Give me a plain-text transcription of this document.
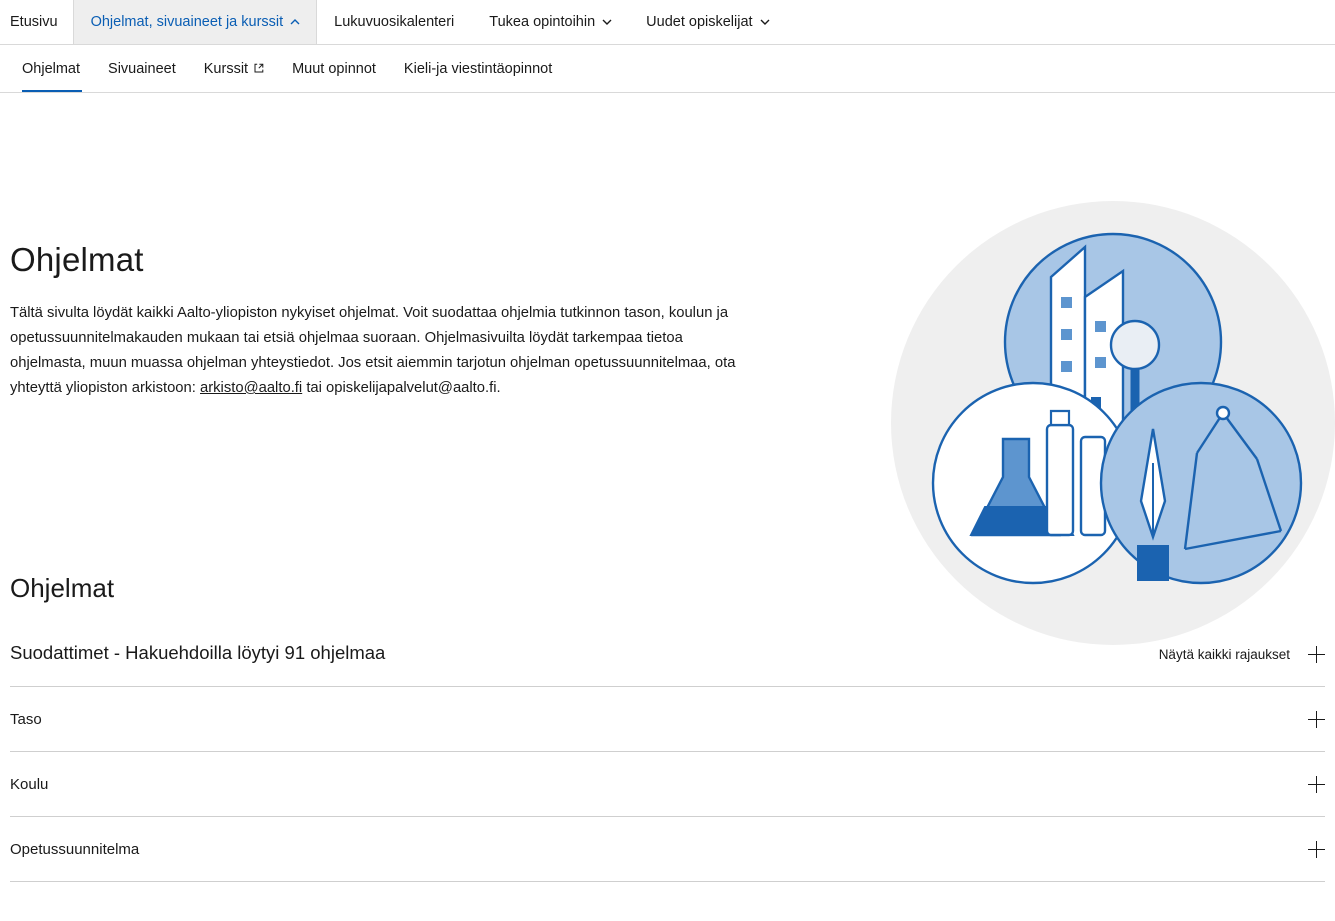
Etusivu Ohjelmat, sivuaineet ja kurssit	Lukuvuosikalenteri Tukea opintoihin	Uudet opiskelijat
Ohjelmat Sivuaineet Kurssit	Muut opinnot Kieli-ja viestintäopinnot
Ohjelmat

Tältä sivulta löydät kaikki Aalto-yliopiston nykyiset ohjelmat. Voit suodattaa ohjelmia tutkinnon tason, koulun ja opetussuunnitelmakauden mukaan tai etsiä ohjelmaa suoraan. Ohjelmasivuilta löydät tarkempaa tietoa ohjelmasta, muun muassa ohjelman yhteystiedot. Jos etsit aiemmin tarjotun ohjelman opetussuunnitelmaa, ota yhteyttä yliopiston arkistoon: arkisto@aalto.fi tai opiskelijapalvelut@aalto.fi.

Ohjelmat
Suodattimet - Hakuehdoilla löytyi 91 ohjelmaa	Näytä kaikki rajaukset
Taso
Koulu
Opetussuunnitelma
